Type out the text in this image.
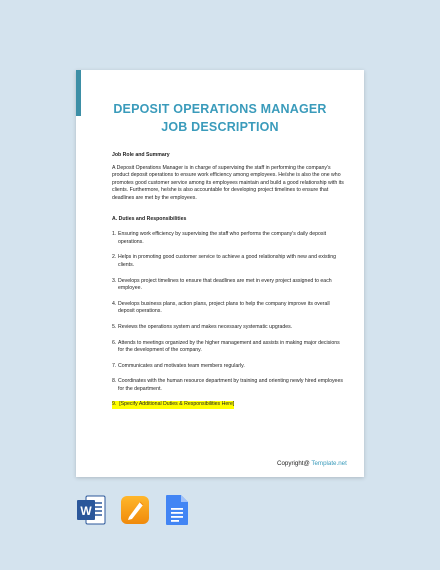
DEPOSIT OPERATIONS MANAGER
JOB DESCRIPTION
Job Role and Summary
A Deposit Operations Manager is in charge of supervising the staff in performing the company's product deposit operations to ensure work efficiency among employees. He/she is also the one who promotes good customer service among its employees maintain and build a good relationship with its clients. Furthermore, he/she is also accountable for developing project timelines to ensure that deadlines are met by the employees.
A. Duties and Responsibilities
1. Ensuring work efficiency by supervising the staff who performs the company's daily deposit operations.
2. Helps in promoting good customer service to achieve a good relationship with new and existing clients.
3. Develops project timelines to ensure that deadlines are met in every project assigned to each employee.
4. Develops business plans, action plans, project plans to help the company improve its overall deposit operations.
5. Reviews the operations system and makes necessary systematic upgrades.
6. Attends to meetings organized by the higher management and assists in making major decisions for the development of the company.
7. Communicates and motivates team members regularly.
8. Coordinates with the human resource department by training and orienting newly hired employees for the department.
9. [Specify Additional Duties & Responsibilities Here]
Copyright@ Template.net
W
